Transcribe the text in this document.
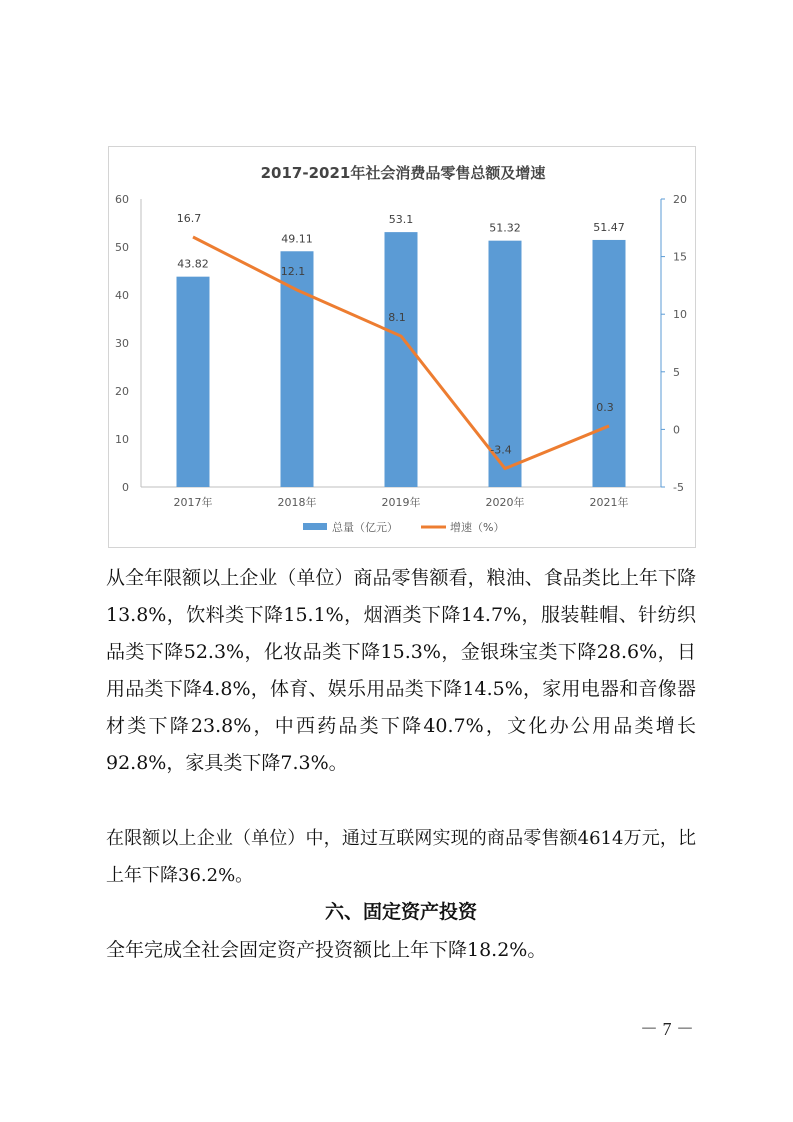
2017-2021年社会消费品零售总额及增速
0
10
20
30
40
50
60
-5
0
5
10
15
20
43.82
49.11
53.1
51.32	51.47
2017年	2018年	2019年	2020年	2021年
16.7
12.1
8.1
-3.4
0.3
总量（亿元）	增速（%）

从全年限额以上企业（单位）商品零售额看，粮油、食品类比上年下降13.8%，饮料类下降15.1%，烟酒类下降14.7%，服装鞋帽、针纺织品类下降52.3%，化妆品类下降15.3%，金银珠宝类下降28.6%，日用品类下降4.8%，体育、娱乐用品类下降14.5%，家用电器和音像器材类下降23.8%，中西药品类下降40.7%，文化办公用品类增长92.8%，家具类下降7.3%。

在限额以上企业（单位）中，通过互联网实现的商品零售额4614万元，比上年下降36.2%。

六、固定资产投资

全年完成全社会固定资产投资额比上年下降18.2%。

－ 7 －
